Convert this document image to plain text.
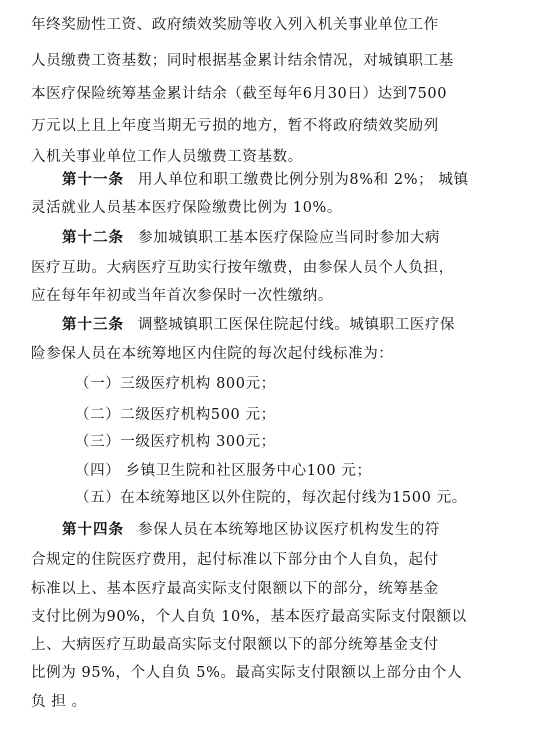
年终奖励性工资、政府绩效奖励等收入列入机关事业单位工作
人员缴费工资基数；同时根据基金累计结余情况，对城镇职工基
本医疗保险统筹基金累计结余（截至每年6月30日）达到7500
万元以上且上年度当期无亏损的地方，暂不将政府绩效奖励列
入机关事业单位工作人员缴费工资基数。
第十一条 用人单位和职工缴费比例分别为8%和 2%； 城镇
灵活就业人员基本医疗保险缴费比例为 10%。
第十二条 参加城镇职工基本医疗保险应当同时参加大病
医疗互助。大病医疗互助实行按年缴费，由参保人员个人负担，
应在每年年初或当年首次参保时一次性缴纳。
第十三条 调整城镇职工医保住院起付线。城镇职工医疗保
险参保人员在本统筹地区内住院的每次起付线标准为：
（一）三级医疗机构 800元；
（二）二级医疗机构500 元；
（三）一级医疗机构 300元；
（四） 乡镇卫生院和社区服务中心100 元；
（五）在本统筹地区以外住院的，每次起付线为1500 元。
第十四条 参保人员在本统筹地区协议医疗机构发生的符
合规定的住院医疗费用，起付标准以下部分由个人自负，起付
标准以上、基本医疗最高实际支付限额以下的部分，统筹基金
支付比例为90%，个人自负 10%，基本医疗最高实际支付限额以
上、大病医疗互助最高实际支付限额以下的部分统筹基金支付
比例为 95%，个人自负 5%。最高实际支付限额以上部分由个人
负 担 。
